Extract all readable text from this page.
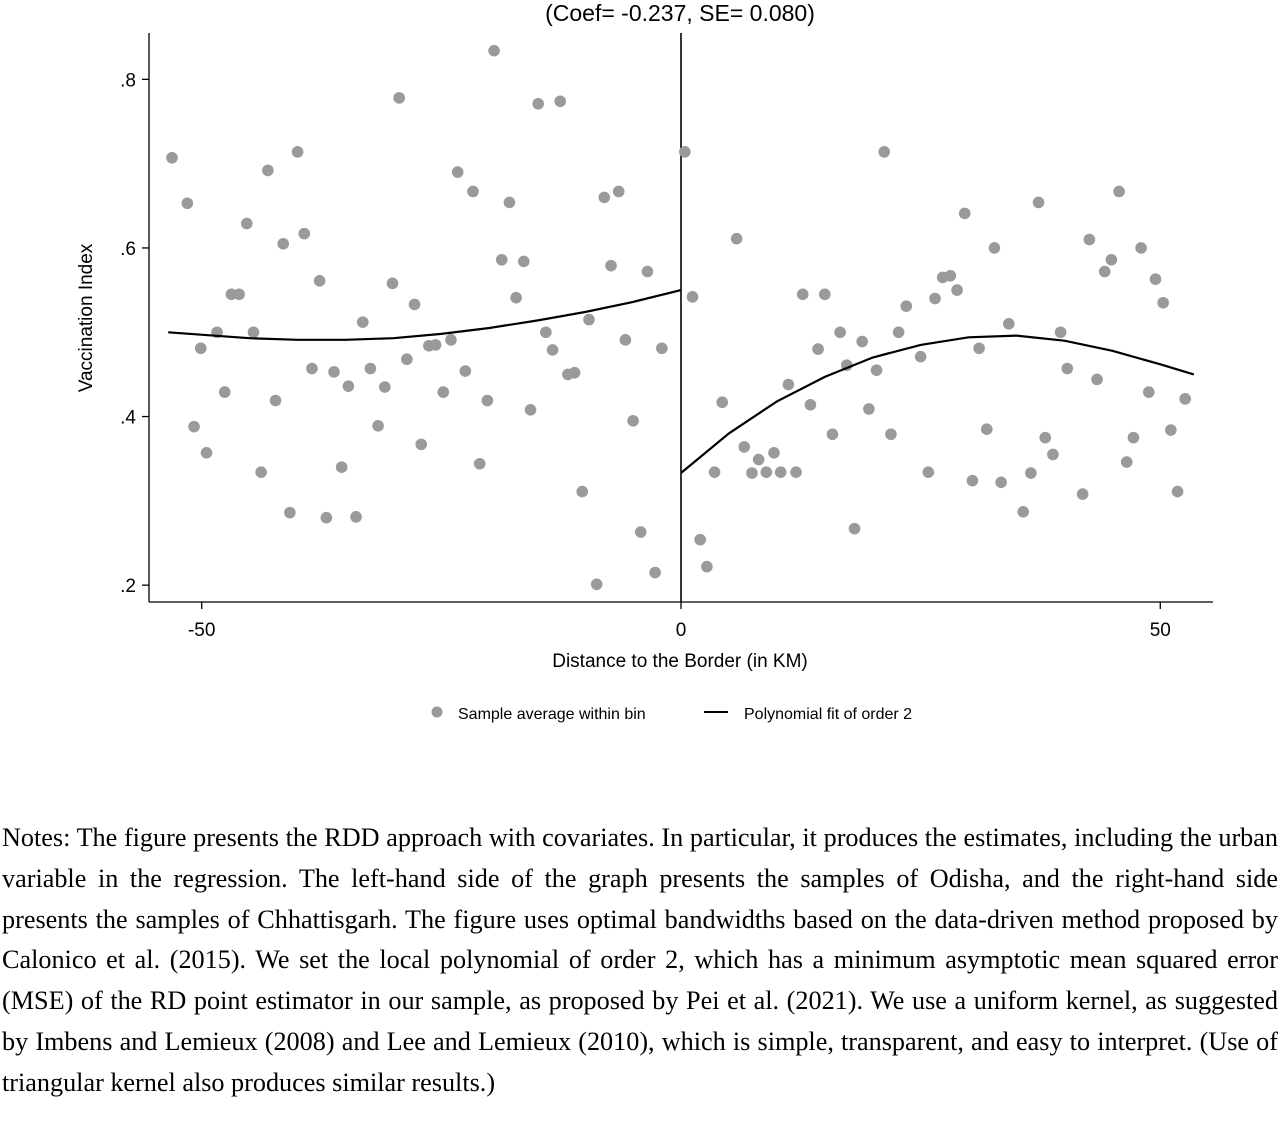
(Coef= -0.237, SE= 0.080)
.2
.4
.6
.8
-50	0	50
Distance to the Border (in KM)
Vaccination Index
Sample average within bin	Polynomial fit of order 2

Notes: The figure presents the RDD approach with covariates. In particular, it produces the estimates, including the urban variable in the regression. The left-hand side of the graph presents the samples of Odisha, and the right-hand side presents the samples of Chhattisgarh. The figure uses optimal bandwidths based on the data-driven method proposed by Calonico et al. (2015). We set the local polynomial of order 2, which has a minimum asymptotic mean squared error (MSE) of the RD point estimator in our sample, as proposed by Pei et al. (2021). We use a uniform kernel, as suggested by Imbens and Lemieux (2008) and Lee and Lemieux (2010), which is simple, transparent, and easy to interpret. (Use of triangular kernel also produces similar results.)
